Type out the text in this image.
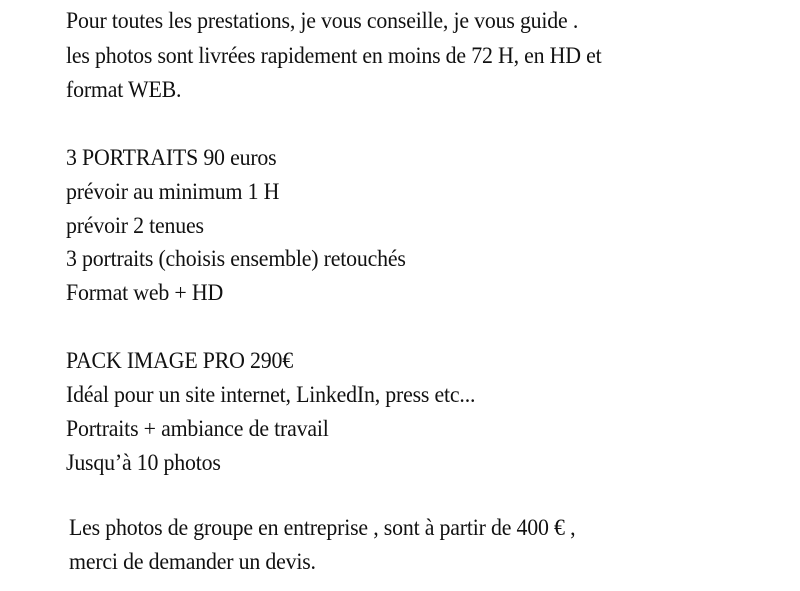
Pour toutes les prestations, je vous conseille, je vous guide .
les photos sont livrées rapidement en moins de 72 H, en HD et
format WEB.
3 PORTRAITS 90 euros
prévoir au minimum 1 H
prévoir 2 tenues
3 portraits (choisis ensemble) retouchés
Format web + HD
PACK IMAGE PRO 290€
Idéal pour un site internet, LinkedIn, press etc...
Portraits + ambiance de travail
Jusqu’à 10 photos
Les photos de groupe en entreprise , sont à partir de 400 € ,
merci de demander un devis.
